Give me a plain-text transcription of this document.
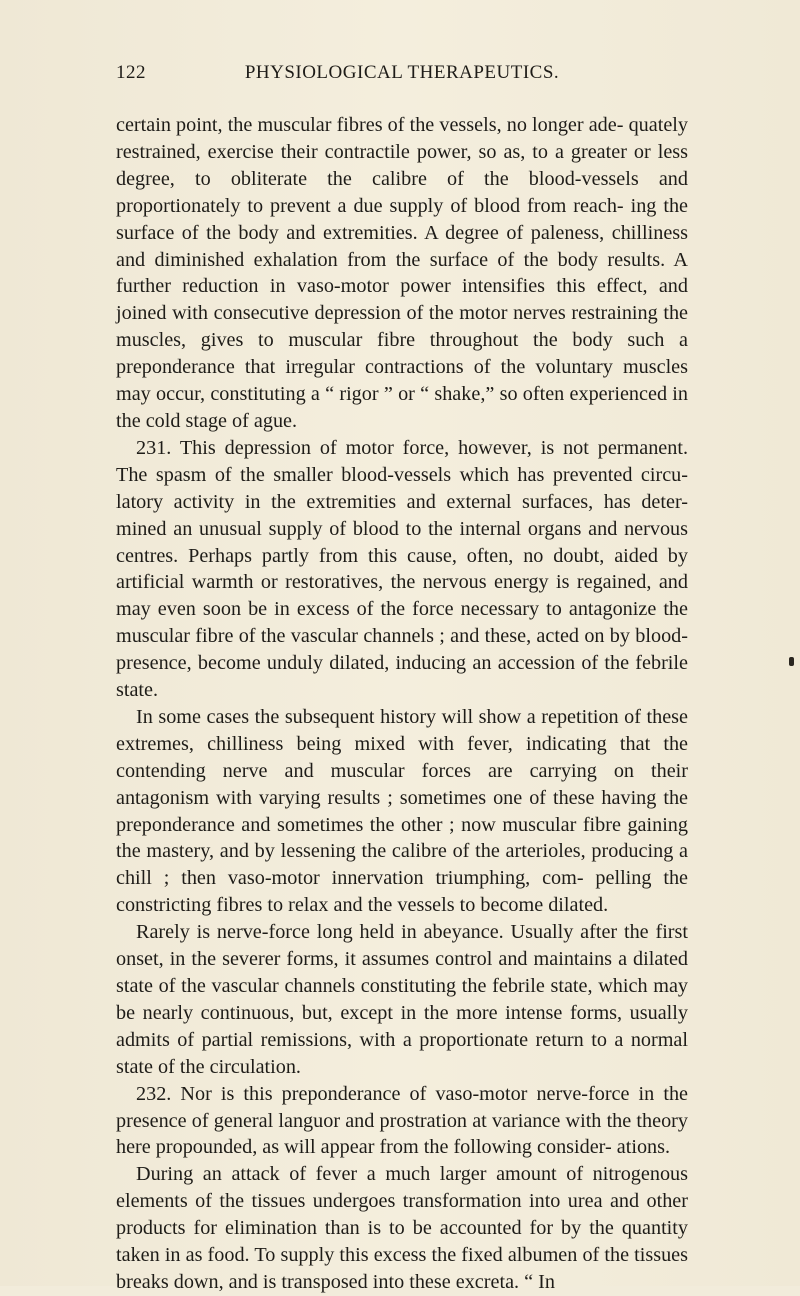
122	PHYSIOLOGICAL THERAPEUTICS.

certain point, the muscular fibres of the vessels, no longer ade- quately restrained, exercise their contractile power, so as, to a greater or less degree, to obliterate the calibre of the blood-vessels and proportionately to prevent a due supply of blood from reach- ing the surface of the body and extremities. A degree of paleness, chilliness and diminished exhalation from the surface of the body results. A further reduction in vaso-motor power intensifies this effect, and joined with consecutive depression of the motor nerves restraining the muscles, gives to muscular fibre throughout the body such a preponderance that irregular contractions of the voluntary muscles may occur, constituting a “ rigor ” or “ shake,” so often experienced in the cold stage of ague.

231. This depression of motor force, however, is not permanent. The spasm of the smaller blood-vessels which has prevented circu- latory activity in the extremities and external surfaces, has deter- mined an unusual supply of blood to the internal organs and nervous centres. Perhaps partly from this cause, often, no doubt, aided by artificial warmth or restoratives, the nervous energy is regained, and may even soon be in excess of the force necessary to antagonize the muscular fibre of the vascular channels ; and these, acted on by blood-presence, become unduly dilated, inducing an accession of the febrile state.

In some cases the subsequent history will show a repetition of these extremes, chilliness being mixed with fever, indicating that the contending nerve and muscular forces are carrying on their antagonism with varying results ; sometimes one of these having the preponderance and sometimes the other ; now muscular fibre gaining the mastery, and by lessening the calibre of the arterioles, producing a chill ; then vaso-motor innervation triumphing, com- pelling the constricting fibres to relax and the vessels to become dilated.

Rarely is nerve-force long held in abeyance. Usually after the first onset, in the severer forms, it assumes control and maintains a dilated state of the vascular channels constituting the febrile state, which may be nearly continuous, but, except in the more intense forms, usually admits of partial remissions, with a proportionate return to a normal state of the circulation.

232. Nor is this preponderance of vaso-motor nerve-force in the presence of general languor and prostration at variance with the theory here propounded, as will appear from the following consider- ations.

During an attack of fever a much larger amount of nitrogenous elements of the tissues undergoes transformation into urea and other products for elimination than is to be accounted for by the quantity taken in as food. To supply this excess the fixed albumen of the tissues breaks down, and is transposed into these excreta. “ In
